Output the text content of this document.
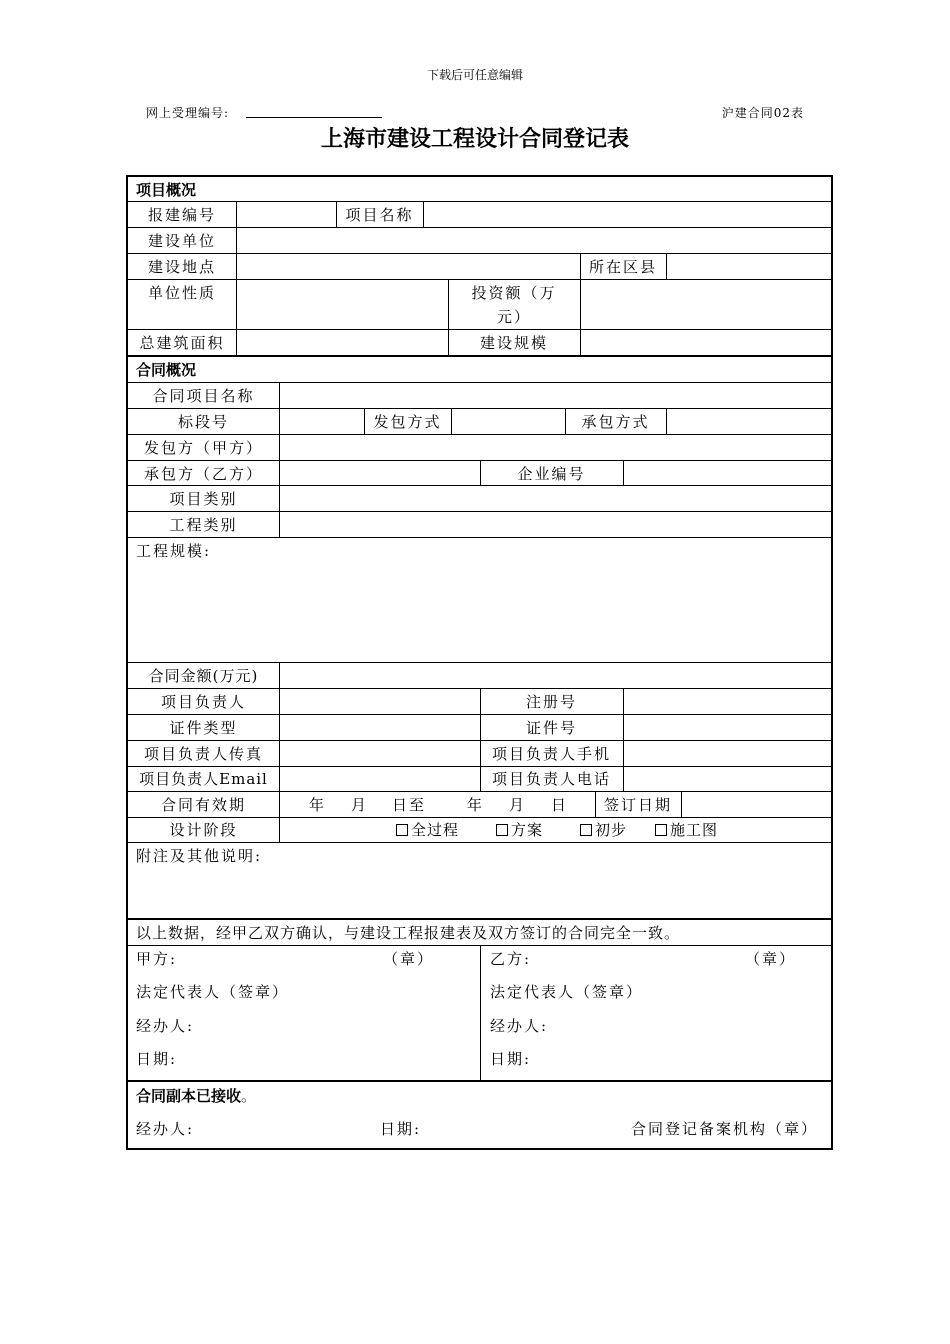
下载后可任意编辑
网上受理编号:	沪建合同02表
上海市建设工程设计合同登记表
项目概况
报建编号	项目名称
建设单位
建设地点	所在区县
单位性质	投资额（万
元）
总建筑面积	建设规模
合同概况
合同项目名称
标段号	发包方式	承包方式
发包方（甲方）
承包方（乙方）	企业编号
项目类别
工程类别
工程规模:
合同金额(万元)
项目负责人	注册号
证件类型	证件号
项目负责人传真	项目负责人手机
项目负责人Email	项目负责人电话
合同有效期	年 月 日至	年 月 日	签订日期
设计阶段	全过程	方案	初步	施工图
附注及其他说明:
以上数据，经甲乙双方确认，与建设工程报建表及双方签订的合同完全一致。
甲方:	（章）
法定代表人（签章）
经办人:
日期:
乙方:	（章）
法定代表人（签章）
经办人:
日期:
合同副本已接收。
经办人:	日期:	合同登记备案机构（章）
